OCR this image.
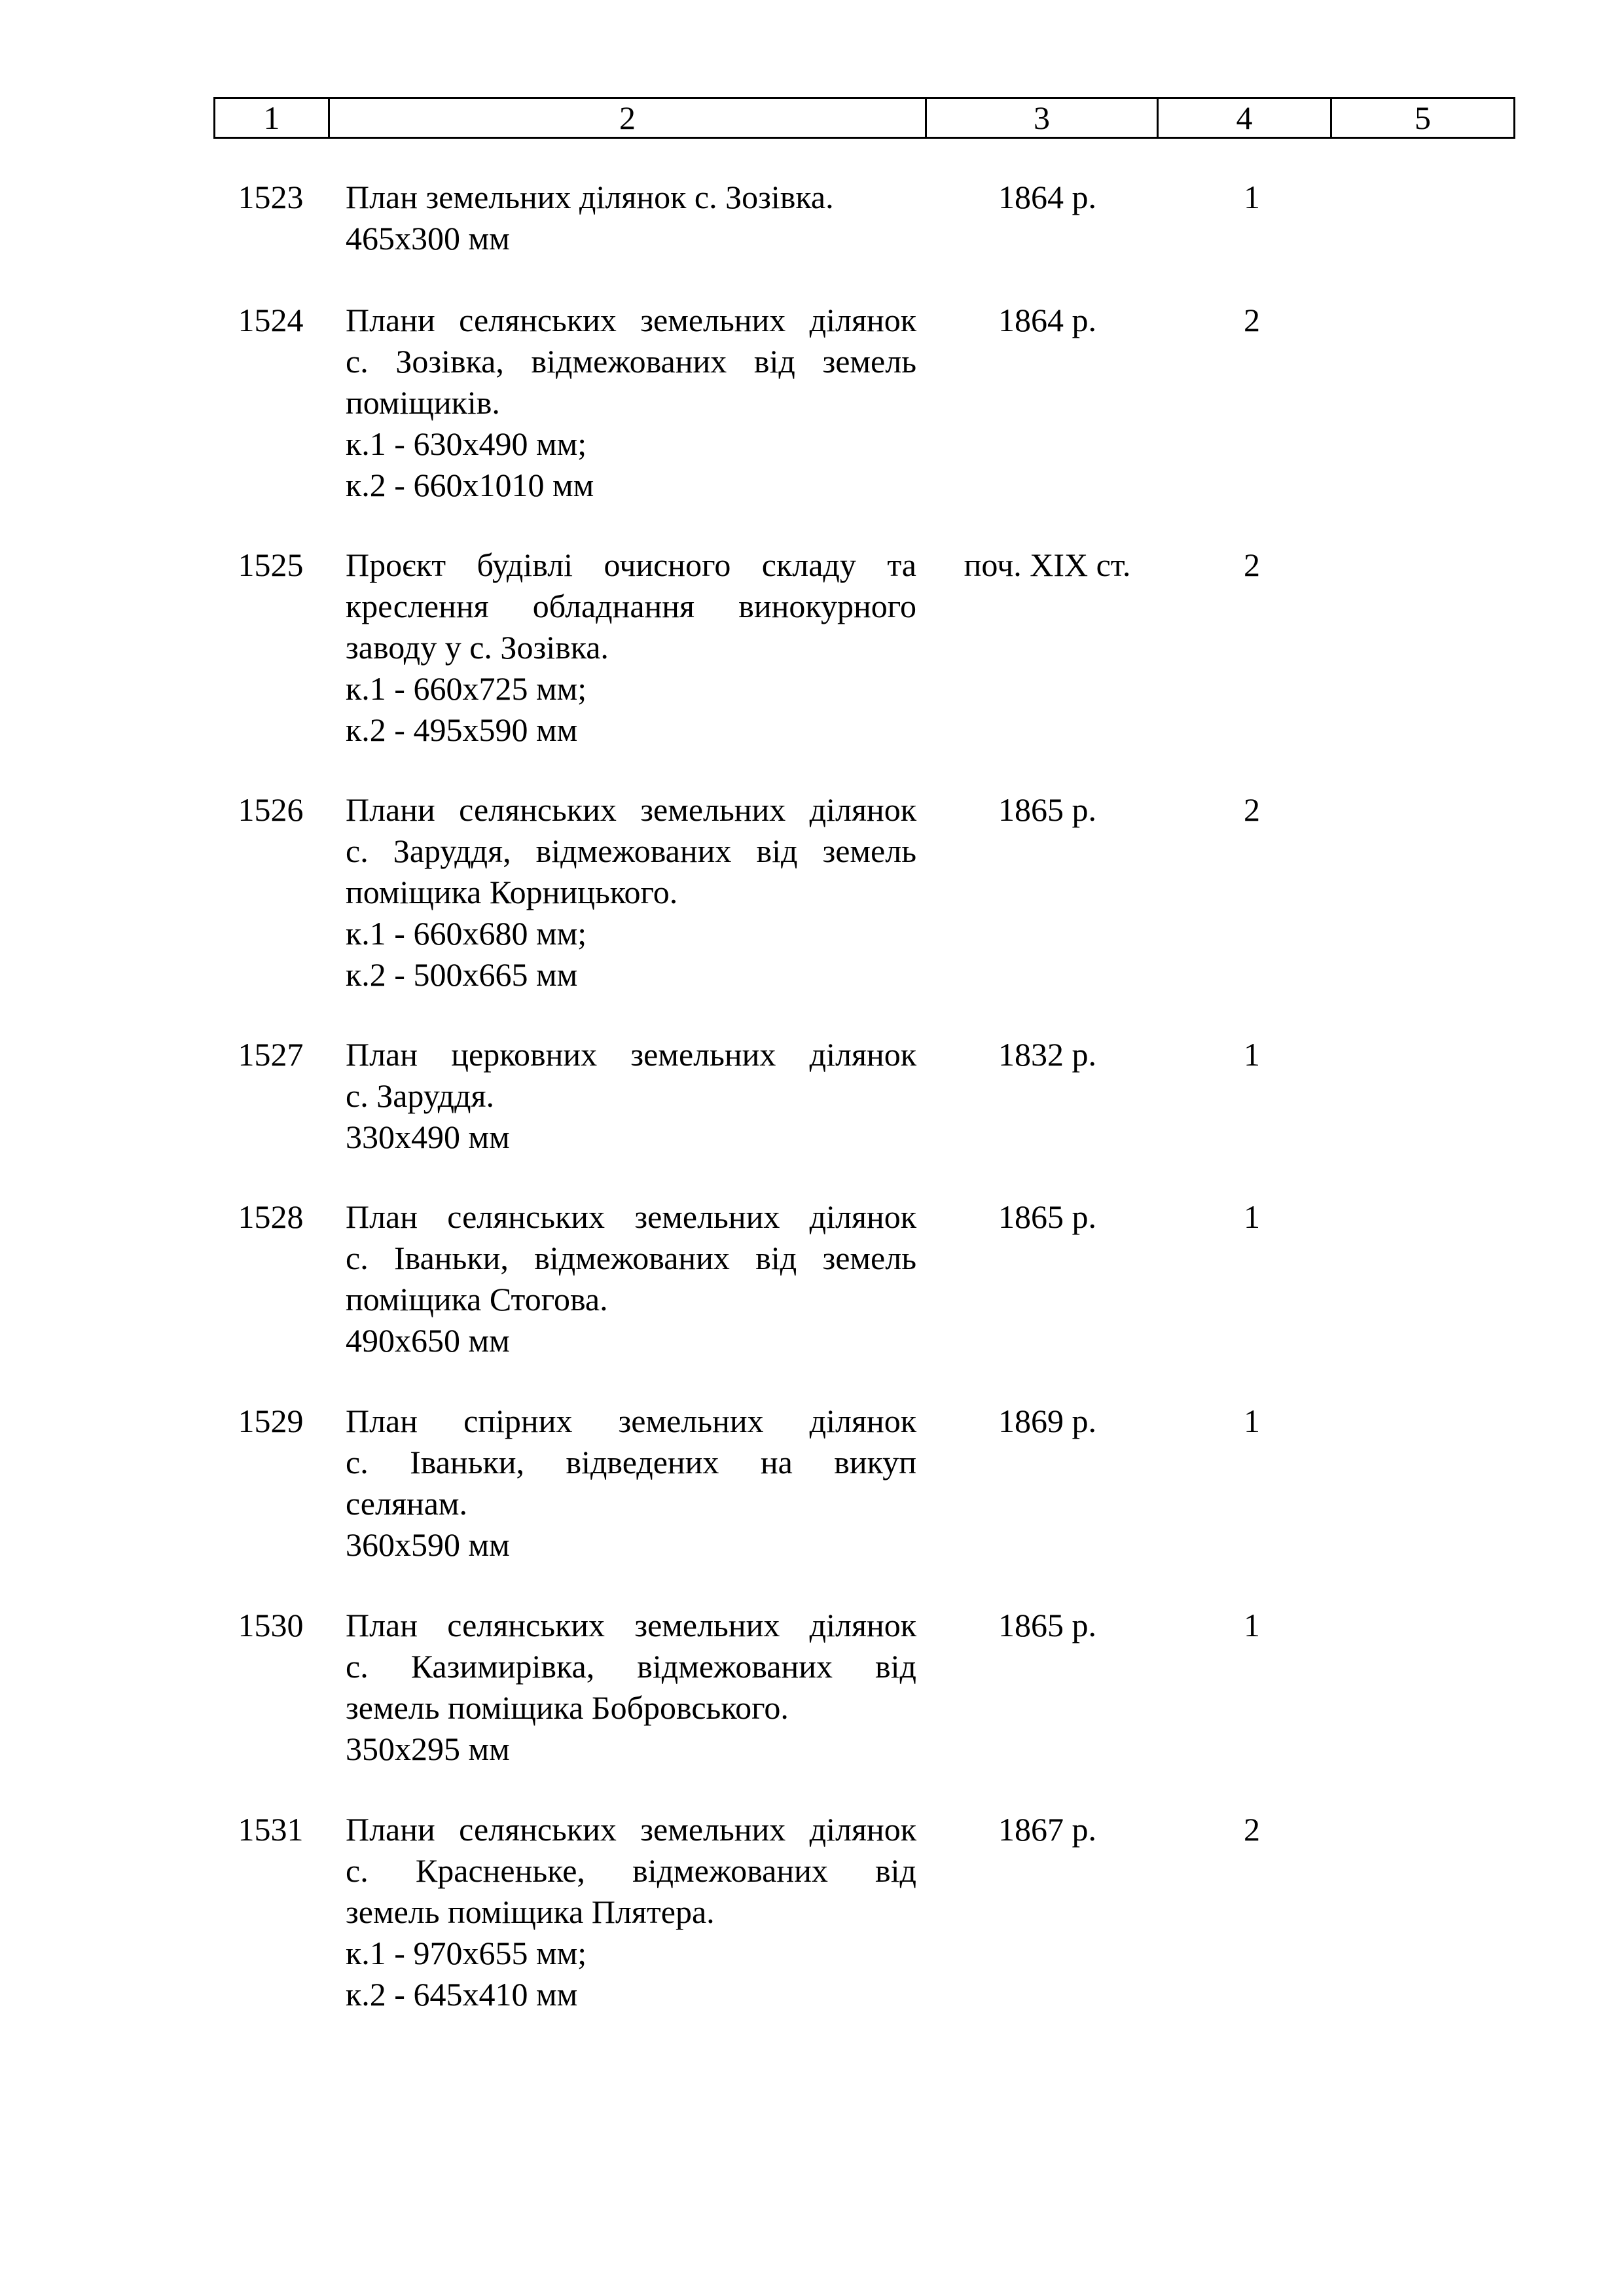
1	2	3	4	5
1523	План земельних ділянок с. Зозівка.
465х300 мм
1864 р.	1
1524	Плани селянських земельних ділянок
с. Зозівка, відмежованих від земель
поміщиків.
к.1 - 630х490 мм;
к.2 - 660х1010 мм
1864 р.	2
1525	Проєкт будівлі очисного складу та
креслення обладнання винокурного
заводу у с. Зозівка.
к.1 - 660х725 мм;
к.2 - 495х590 мм
поч. ХІХ ст.	2
1526	Плани селянських земельних ділянок
с. Заруддя, відмежованих від земель
поміщика Корницького.
к.1 - 660х680 мм;
к.2 - 500х665 мм
1865 р.	2
1527	План церковних земельних ділянок
с. Заруддя.
330х490 мм
1832 р.	1
1528	План селянських земельних ділянок
с. Іваньки, відмежованих від земель
поміщика Стогова.
490х650 мм
1865 р.	1
1529	План спірних земельних ділянок
с. Іваньки, відведених на викуп
селянам.
360х590 мм
1869 р.	1
1530	План селянських земельних ділянок
с. Казимирівка, відмежованих від
земель поміщика Бобровського.
350х295 мм
1865 р.	1
1531	Плани селянських земельних ділянок
с. Красненьке, відмежованих від
земель поміщика Плятера.
к.1 - 970х655 мм;
к.2 - 645х410 мм
1867 р.	2
